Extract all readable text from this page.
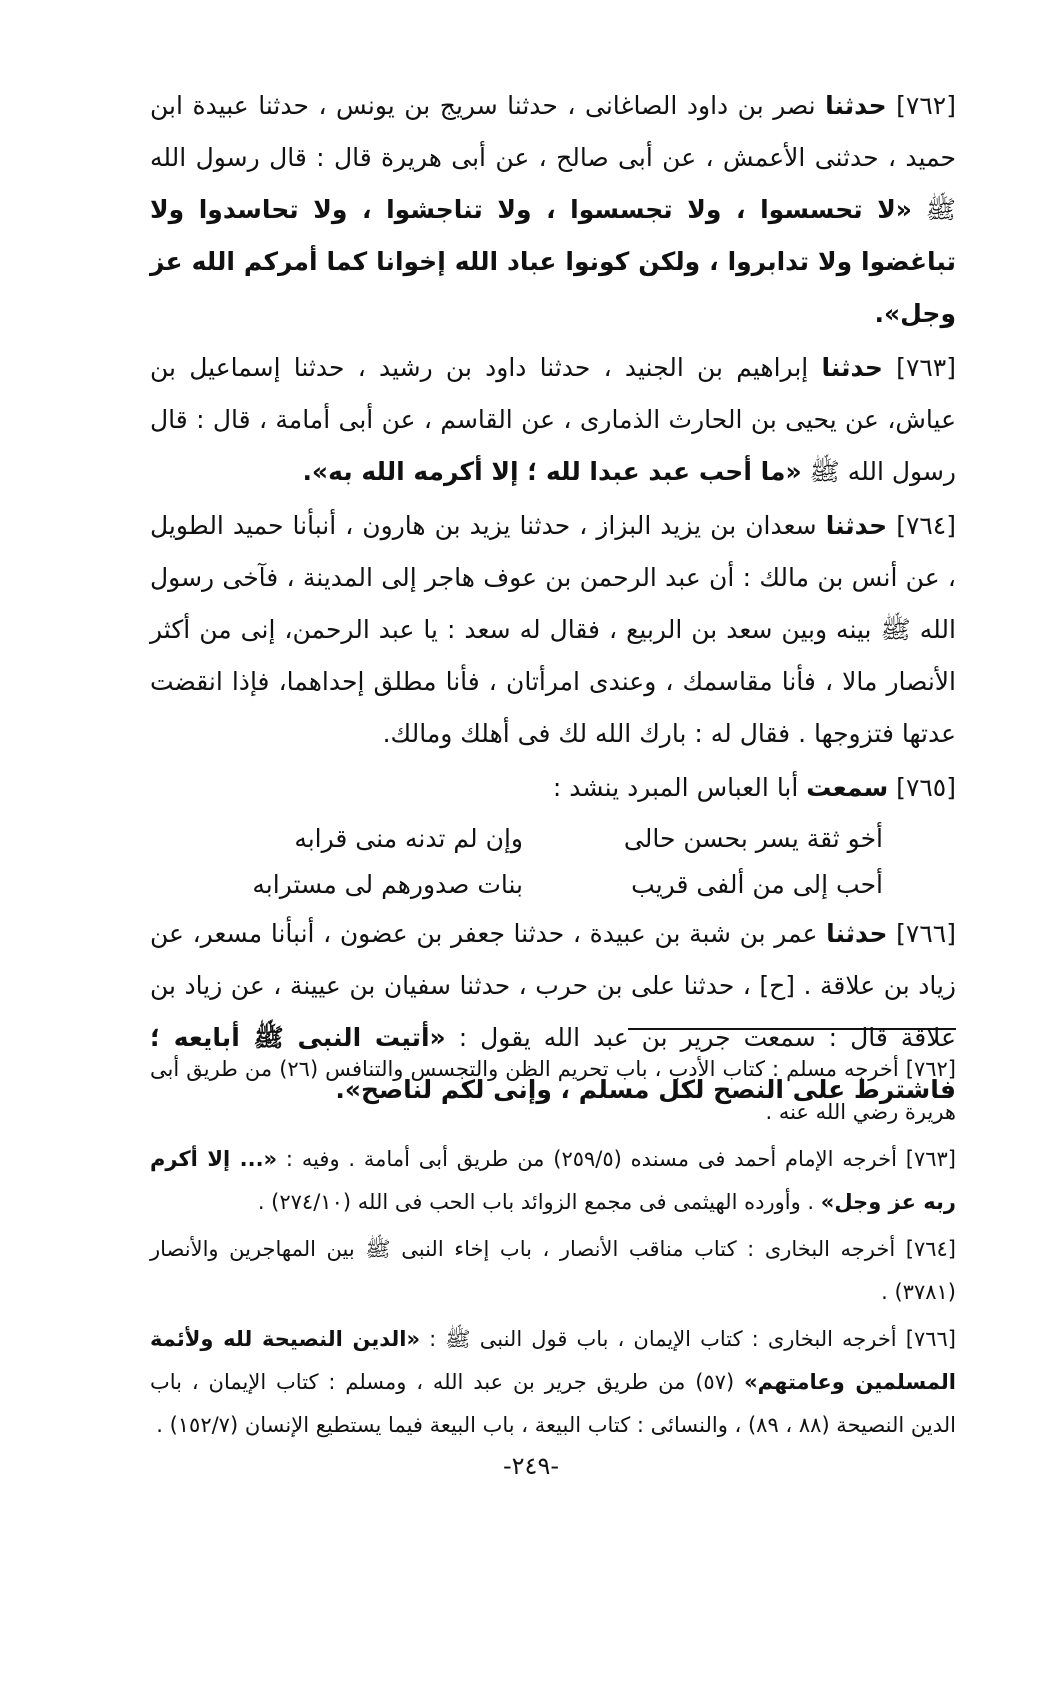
[٧٦٢] حدثنا نصر بن داود الصاغانى ، حدثنا سريج بن يونس ، حدثنا عبيدة ابن حميد ، حدثنى الأعمش ، عن أبى صالح ، عن أبى هريرة قال : قال رسول الله ﷺ «لا تحسسوا ، ولا تجسسوا ، ولا تناجشوا ، ولا تحاسدوا ولا تباغضوا ولا تدابروا ، ولكن كونوا عباد الله إخوانا كما أمركم الله عز وجل».

[٧٦٣] حدثنا إبراهيم بن الجنيد ، حدثنا داود بن رشيد ، حدثنا إسماعيل بن عياش، عن يحيى بن الحارث الذمارى ، عن القاسم ، عن أبى أمامة ، قال : قال رسول الله ﷺ «ما أحب عبد عبدا لله ؛ إلا أكرمه الله به».

[٧٦٤] حدثنا سعدان بن يزيد البزاز ، حدثنا يزيد بن هارون ، أنبأنا حميد الطويل ، عن أنس بن مالك : أن عبد الرحمن بن عوف هاجر إلى المدينة ، فآخى رسول الله ﷺ بينه وبين سعد بن الربيع ، فقال له سعد : يا عبد الرحمن، إنى من أكثر الأنصار مالا ، فأنا مقاسمك ، وعندى امرأتان ، فأنا مطلق إحداهما، فإذا انقضت عدتها فتزوجها . فقال له : بارك الله لك فى أهلك ومالك.

[٧٦٥] سمعت أبا العباس المبرد ينشد :

أخو ثقة يسر بحسن حالى
وإن لم تدنه منى قرابه
أحب إلى من ألفى قريب
بنات صدورهم لى مسترابه

[٧٦٦] حدثنا عمر بن شبة بن عبيدة ، حدثنا جعفر بن عضون ، أنبأنا مسعر، عن زياد بن علاقة . [ح] ، حدثنا على بن حرب ، حدثنا سفيان بن عيينة ، عن زياد بن علاقة قال : سمعت جرير بن عبد الله يقول : «أتيت النبى ﷺ أبايعه ؛ فاشترط على النصح لكل مسلم ، وإنى لكم لناصح».

[٧٦٢] أخرجه مسلم : كتاب الأدب ، باب تحريم الظن والتجسس والتنافس (٢٦) من طريق أبى هريرة رضي الله عنه .

[٧٦٣] أخرجه الإمام أحمد فى مسنده (٢٥٩/٥) من طريق أبى أمامة . وفيه : «... إلا أكرم ربه عز وجل» . وأورده الهيثمى فى مجمع الزوائد باب الحب فى الله (٢٧٤/١٠) .

[٧٦٤] أخرجه البخارى : كتاب مناقب الأنصار ، باب إخاء النبى ﷺ بين المهاجرين والأنصار (٣٧٨١) .

[٧٦٦] أخرجه البخارى : كتاب الإيمان ، باب قول النبى ﷺ : «الدين النصيحة لله ولأئمة المسلمين وعامتهم» (٥٧) من طريق جرير بن عبد الله ، ومسلم : كتاب الإيمان ، باب الدين النصيحة (٨٨ ، ٨٩) ، والنسائى : كتاب البيعة ، باب البيعة فيما يستطيع الإنسان (١٥٢/٧) .

-٢٤٩-
